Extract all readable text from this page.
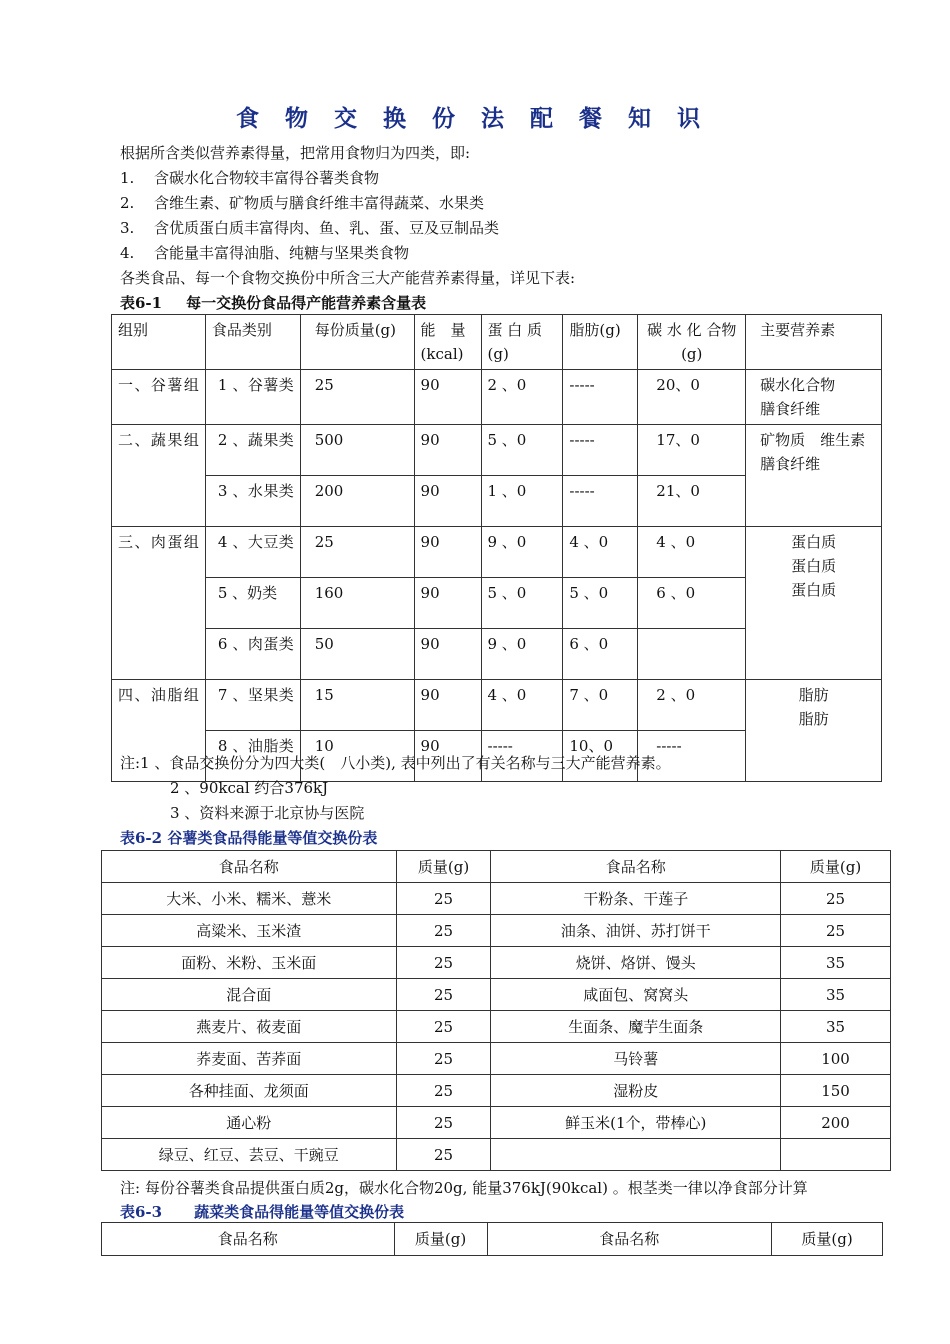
食 物 交 换 份 法 配 餐 知 识
根据所含类似营养素得量，把常用食物归为四类，即:
1. 含碳水化合物较丰富得谷薯类食物
2. 含维生素、矿物质与膳食纤维丰富得蔬菜、水果类
3. 含优质蛋白质丰富得肉、鱼、乳、蛋、豆及豆制品类
4. 含能量丰富得油脂、纯糖与坚果类食物
各类食品、每一个食物交换份中所含三大产能营养素得量，详见下表:
表6-1 每一交换份食品得产能营养素含量表
组别	食品类别	每份质量(g)	能　量(kcal)	蛋 白 质(g)	脂肪(g)	碳 水 化 合物(g)	主要营养素
一、谷薯组	1 、谷薯类	25	90	2 、0	-----	20、0	碳水化合物
膳食纤维

二、蔬果组	2 、蔬果类	500	90	5 、0	-----	17、0	矿物质　维生素
膳食纤维

	3 、水果类	200	90	1 、0	-----	21、0	
三、肉蛋组	4 、大豆类	25	90	9 、0	4 、0	4 、0	蛋白质
蛋白质
蛋白质

	5 、奶类	160	90	5 、0	5 、0	6 、0	
	6 、肉蛋类	50	90	9 、0	6 、0		
四、油脂组	7 、坚果类	15	90	4 、0	7 、0	2 、0	脂肪
脂肪

	8 、油脂类	10	90	-----	10、0	-----	
注:1 、食品交换份分为四大类(　八小类), 表中列出了有关名称与三大产能营养素。
2 、90kcal 约合376kJ
3 、资料来源于北京协与医院
表6-2 谷薯类食品得能量等值交换份表
食品名称	质量(g)	食品名称	质量(g)
大米、小米、糯米、薏米	25	干粉条、干莲子	25
高粱米、玉米渣	25	油条、油饼、苏打饼干	25
面粉、米粉、玉米面	25	烧饼、烙饼、馒头	35
混合面	25	咸面包、窝窝头	35
燕麦片、莜麦面	25	生面条、魔芋生面条	35
荞麦面、苦荞面	25	马铃薯	100
各种挂面、龙须面	25	湿粉皮	150
通心粉	25	鲜玉米(1个，带棒心)	200
绿豆、红豆、芸豆、干豌豆	25		
注: 每份谷薯类食品提供蛋白质2g，碳水化合物20g, 能量376kJ(90kcal) 。根茎类一律以净食部分计算
表6-3 蔬菜类食品得能量等值交换份表
食品名称	质量(g)	食品名称	质量(g)
